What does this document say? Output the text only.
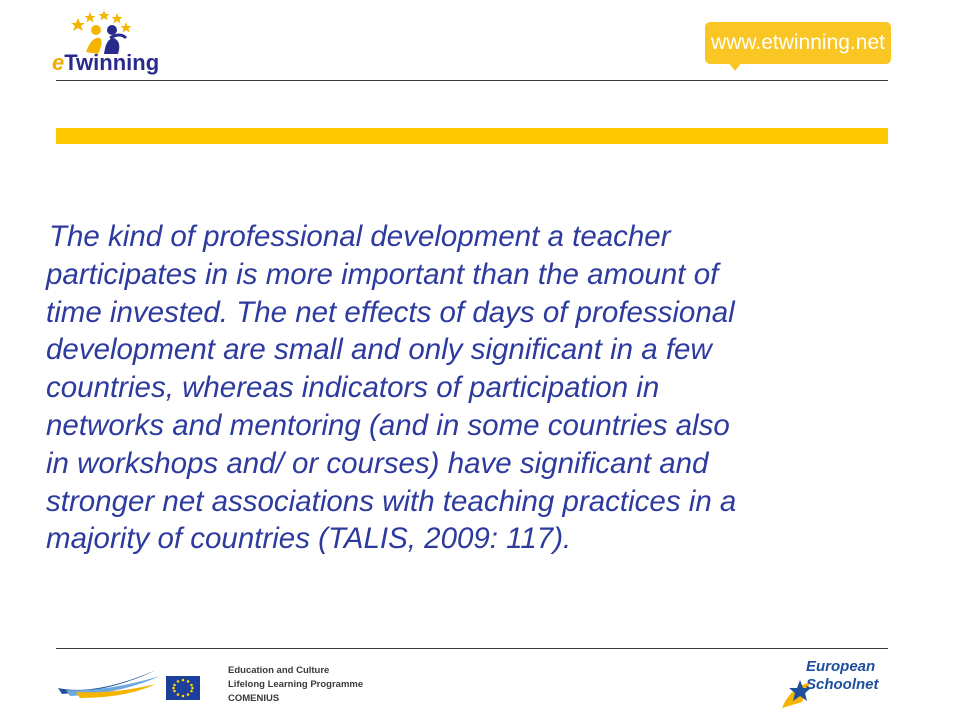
eTwinning
www.etwinning.net
The kind of professional development a teacher
participates in is more important than the amount of
time invested. The net effects of days of professional
development are small and only significant in a few
countries, whereas indicators of participation in
networks and mentoring (and in some countries also
in workshops and/ or courses) have significant and
stronger net associations with teaching practices in a
majority of countries (TALIS, 2009: 117).
Education and Culture
Lifelong Learning Programme
COMENIUS
European
Schoolnet
